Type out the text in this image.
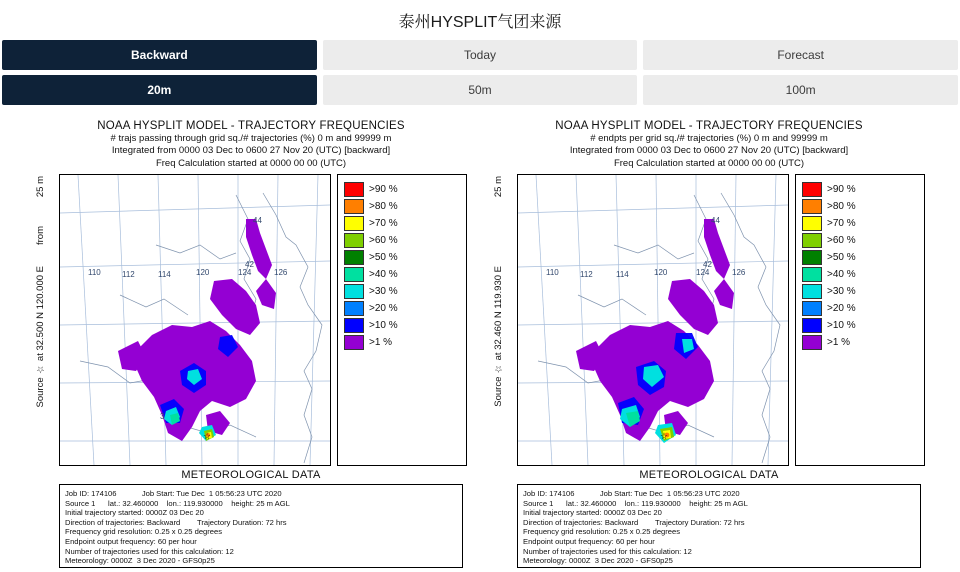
泰州HYSPLIT气团来源
Backward	Today	Forecast
20m	50m	100m
NOAA HYSPLIT MODEL - TRAJECTORY FREQUENCIES
# trajs passing through grid sq./# trajectories (%) 0 m and 99999 m
Integrated from 0000 03 Dec to 0600 27 Nov 20 (UTC) [backward]
Freq Calculation started at 0000 00 00 (UTC)
25 m
from
Source ☆ at 32.500 N 120.000 E
☆
44
42
110	112	114	120	124	126
3
>90 %
>80 %
>70 %
>60 %
>50 %
>40 %
>30 %
>20 %
>10 %
>1 %
METEOROLOGICAL DATA
Job ID: 174106            Job Start: Tue Dec  1 05:56:23 UTC 2020
Source 1      lat.: 32.460000    lon.: 119.930000    height: 25 m AGL
Initial trajectory started: 0000Z 03 Dec 20
Direction of trajectories: Backward        Trajectory Duration: 72 hrs
Frequency grid resolution: 0.25 x 0.25 degrees
Endpoint output frequency: 60 per hour
Number of trajectories used for this calculation: 12
Meteorology: 0000Z  3 Dec 2020 - GFS0p25
NOAA HYSPLIT MODEL - TRAJECTORY FREQUENCIES
# endpts per grid sq./# trajectories (%) 0 m and 99999 m
Integrated from 0000 03 Dec to 0600 27 Nov 20 (UTC) [backward]
Freq Calculation started at 0000 00 00 (UTC)
25 m
Source ☆ at 32.460 N 119.930 E
☆
44
42
110	112	114	120	124	126
>90 %
>80 %
>70 %
>60 %
>50 %
>40 %
>30 %
>20 %
>10 %
>1 %
METEOROLOGICAL DATA
Job ID: 174106            Job Start: Tue Dec  1 05:56:23 UTC 2020
Source 1      lat.: 32.460000    lon.: 119.930000    height: 25 m AGL
Initial trajectory started: 0000Z 03 Dec 20
Direction of trajectories: Backward        Trajectory Duration: 72 hrs
Frequency grid resolution: 0.25 x 0.25 degrees
Endpoint output frequency: 60 per hour
Number of trajectories used for this calculation: 12
Meteorology: 0000Z  3 Dec 2020 - GFS0p25
